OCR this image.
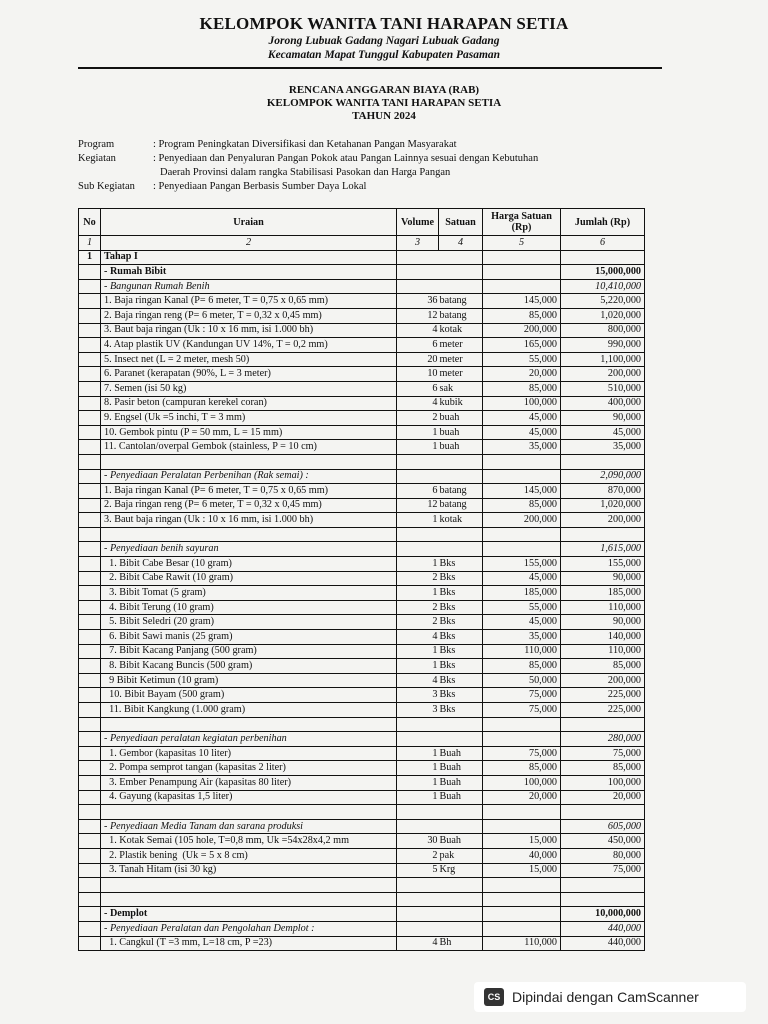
KELOMPOK WANITA TANI HARAPAN SETIA
Jorong Lubuak Gadang Nagari Lubuak Gadang
Kecamatan Mapat Tunggul Kabupaten Pasaman
RENCANA ANGGARAN BIAYA (RAB)
KELOMPOK WANITA TANI HARAPAN SETIA
TAHUN 2024
Program	: Program Peningkatan Diversifikasi dan Ketahanan Pangan Masyarakat
Kegiatan	: Penyediaan dan Penyaluran Pangan Pokok atau Pangan Lainnya sesuai dengan Kebutuhan
Daerah Provinsi dalam rangka Stabilisasi Pasokan dan Harga Pangan
Sub Kegiatan	: Penyediaan Pangan Berbasis Sumber Daya Lokal
No	Uraian	Volume	Satuan	Harga Satuan (Rp)	Jumlah (Rp)
1	2	3	4	5	6
1	Tahap I				
	- Rumah Bibit				15,000,000
	- Bangunan Rumah Benih				10,410,000
	1. Baja ringan Kanal (P= 6 meter, T = 0,75 x 0,65 mm)	36	batang	145,000	5,220,000
	2. Baja ringan reng (P= 6 meter, T = 0,32 x 0,45 mm)	12	batang	85,000	1,020,000
	3. Baut baja ringan (Uk : 10 x 16 mm, isi 1.000 bh)	4	kotak	200,000	800,000
	4. Atap plastik UV (Kandungan UV 14%, T = 0,2 mm)	6	meter	165,000	990,000
	5. Insect net (L = 2 meter, mesh 50)	20	meter	55,000	1,100,000
	6. Paranet (kerapatan (90%, L = 3 meter)	10	meter	20,000	200,000
	7. Semen (isi 50 kg)	6	sak	85,000	510,000
	8. Pasir beton (campuran kerekel coran)	4	kubik	100,000	400,000
	9. Engsel (Uk =5 inchi, T = 3 mm)	2	buah	45,000	90,000
	10. Gembok pintu (P = 50 mm, L = 15 mm)	1	buah	45,000	45,000
	11. Cantolan/overpal Gembok (stainless, P = 10 cm)	1	buah	35,000	35,000

	- Penyediaan Peralatan Perbenihan (Rak semai) :				2,090,000
	1. Baja ringan Kanal (P= 6 meter, T = 0,75 x 0,65 mm)	6	batang	145,000	870,000
	2. Baja ringan reng (P= 6 meter, T = 0,32 x 0,45 mm)	12	batang	85,000	1,020,000
	3. Baut baja ringan (Uk : 10 x 16 mm, isi 1.000 bh)	1	kotak	200,000	200,000

	- Penyediaan benih sayuran				1,615,000
	1. Bibit Cabe Besar (10 gram)	1	Bks	155,000	155,000
	2. Bibit Cabe Rawit (10 gram)	2	Bks	45,000	90,000
	3. Bibit Tomat (5 gram)	1	Bks	185,000	185,000
	4. Bibit Terung (10 gram)	2	Bks	55,000	110,000
	5. Bibit Seledri (20 gram)	2	Bks	45,000	90,000
	6. Bibit Sawi manis (25 gram)	4	Bks	35,000	140,000
	7. Bibit Kacang Panjang (500 gram)	1	Bks	110,000	110,000
	8. Bibit Kacang Buncis (500 gram)	1	Bks	85,000	85,000
	9 Bibit Ketimun (10 gram)	4	Bks	50,000	200,000
	10. Bibit Bayam (500 gram)	3	Bks	75,000	225,000
	11. Bibit Kangkung (1.000 gram)	3	Bks	75,000	225,000

	- Penyediaan peralatan kegiatan perbenihan				280,000
	1. Gembor (kapasitas 10 liter)	1	Buah	75,000	75,000
	2. Pompa semprot tangan (kapasitas 2 liter)	1	Buah	85,000	85,000
	3. Ember Penampung Air (kapasitas 80 liter)	1	Buah	100,000	100,000
	4. Gayung (kapasitas 1,5 liter)	1	Buah	20,000	20,000

	- Penyediaan Media Tanam dan sarana produksi				605,000
	1. Kotak Semai (105 hole, T=0,8 mm, Uk =54x28x4,2 mm	30	Buah	15,000	450,000
	2. Plastik bening  (Uk = 5 x 8 cm)	2	pak	40,000	80,000
	3. Tanah Hitam (isi 30 kg)	5	Krg	15,000	75,000

	- Demplot				10,000,000
	- Penyediaan Peralatan dan Pengolahan Demplot :				440,000
	1. Cangkul (T =3 mm, L=18 cm, P =23)	4	Bh	110,000	440,000
CS Dipindai dengan CamScanner
